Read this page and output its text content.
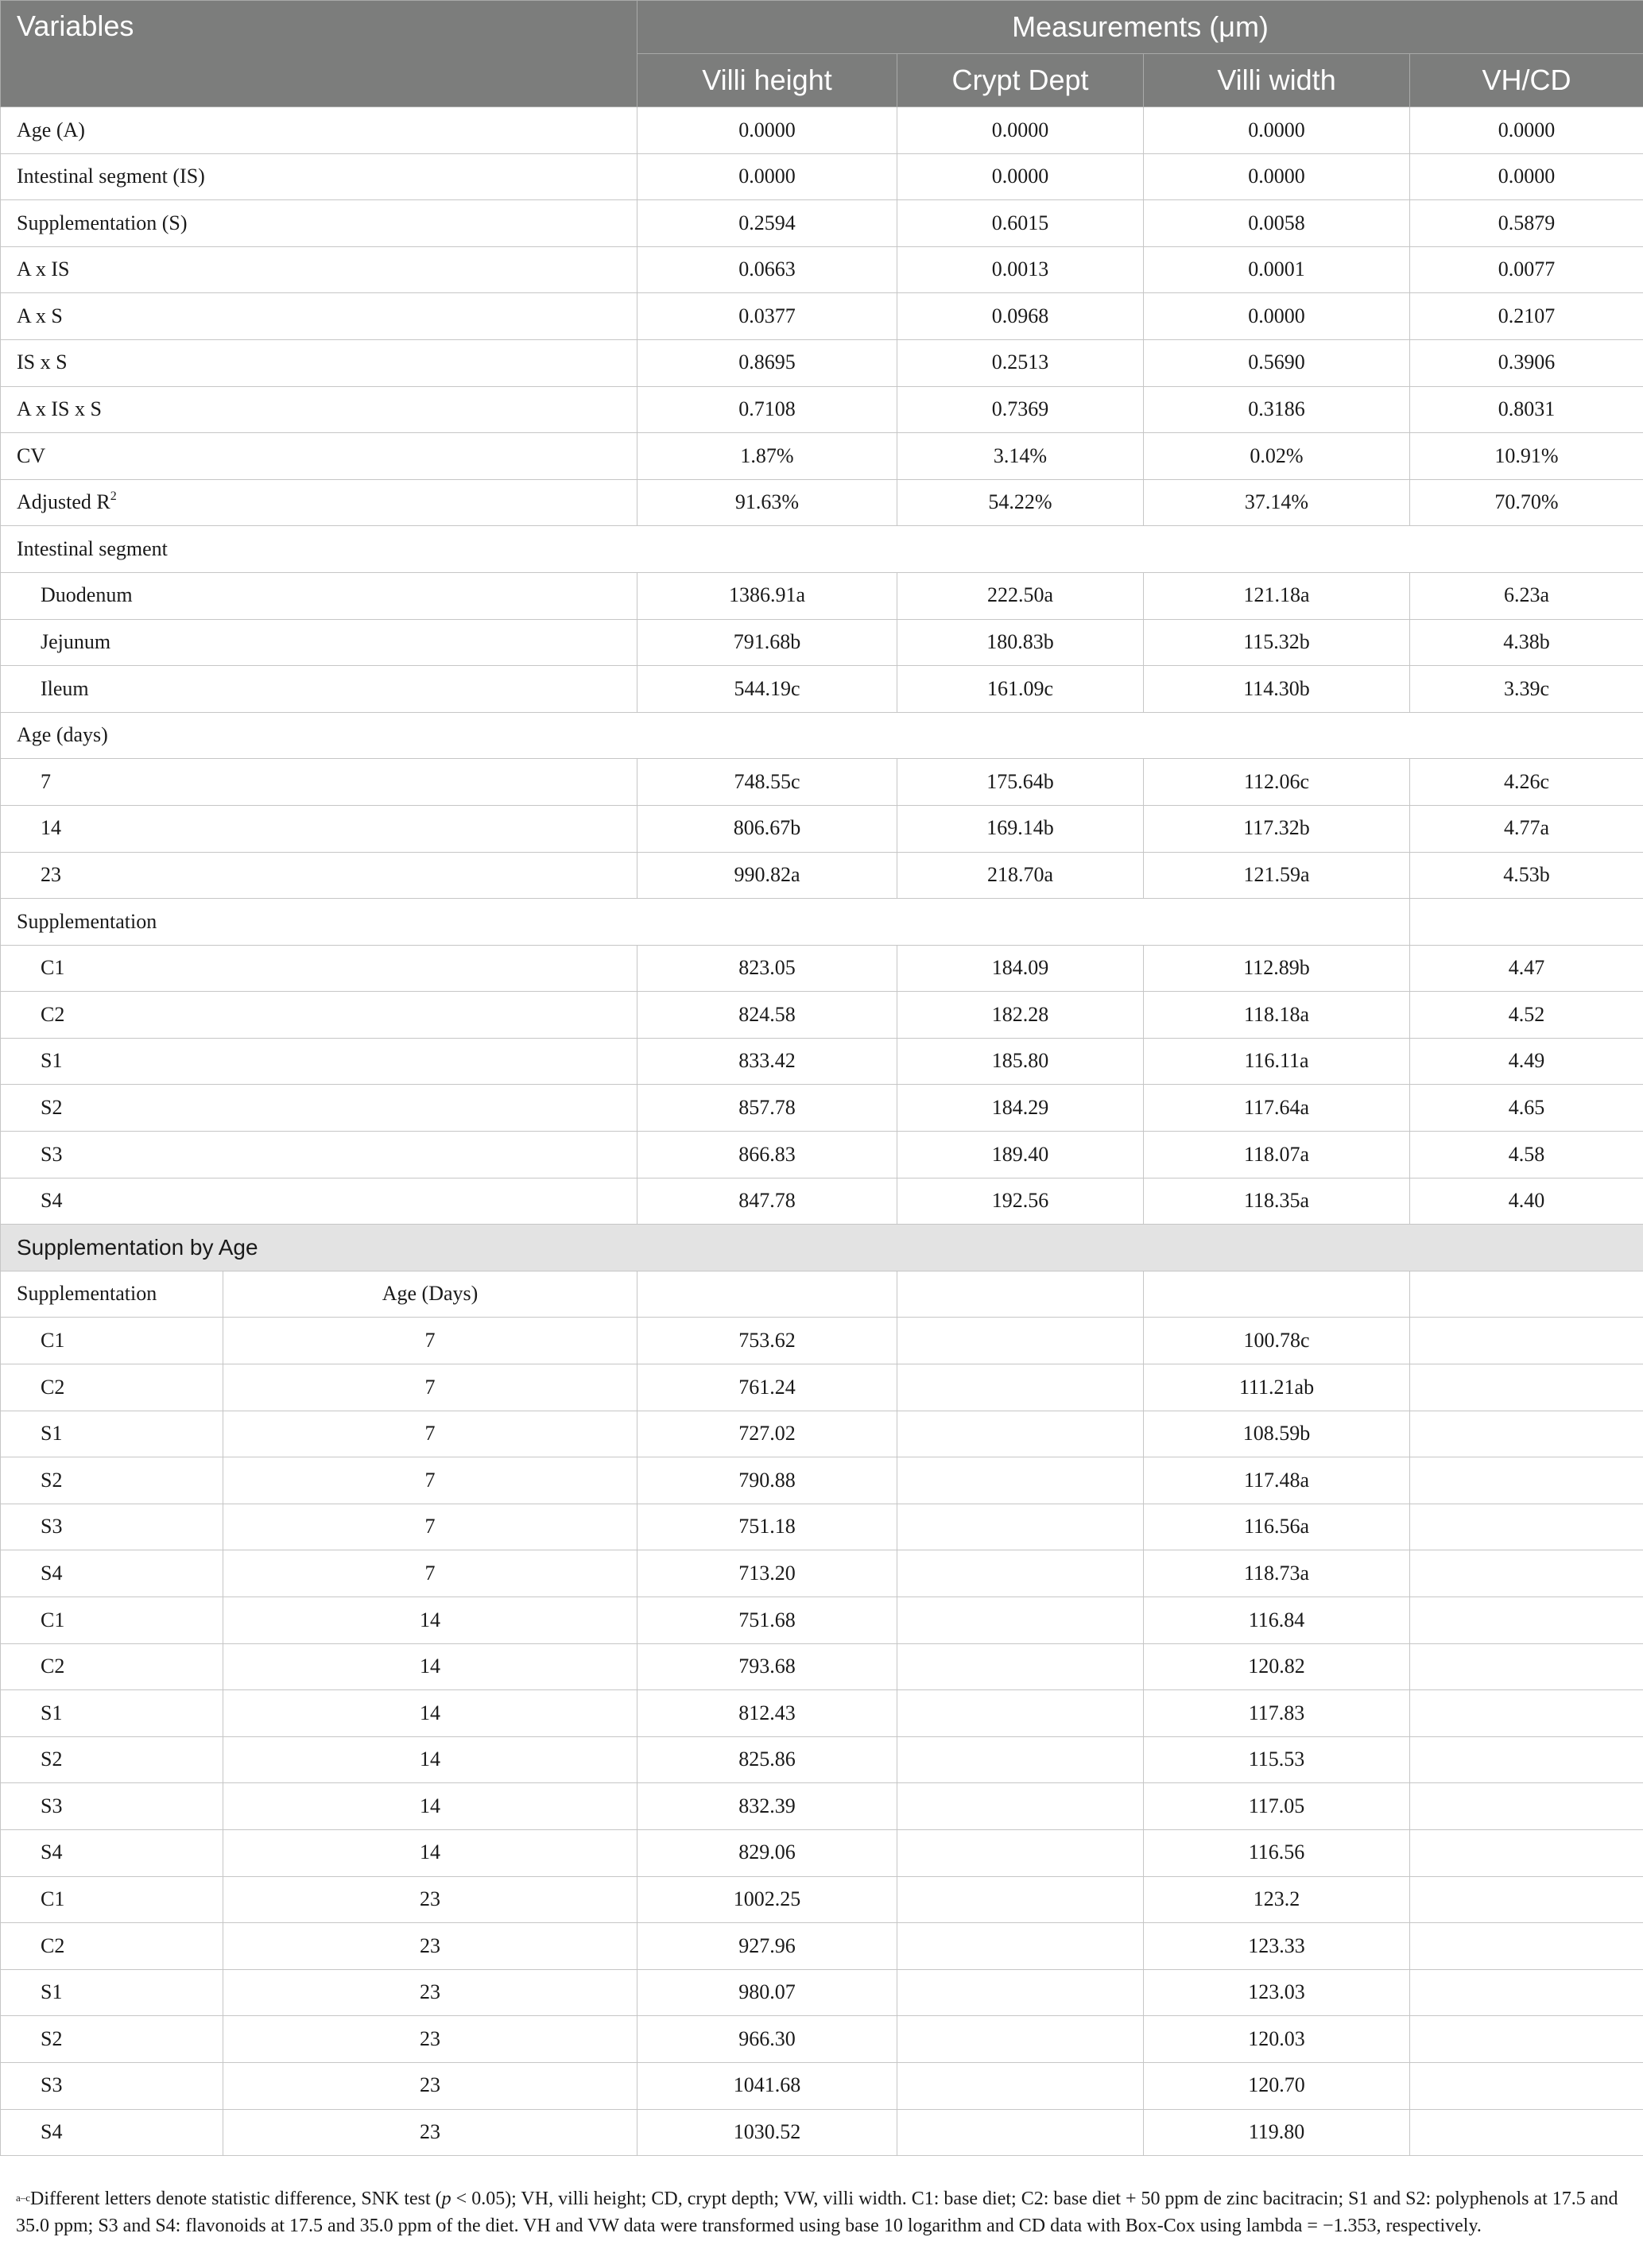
Variables		Measurements (μm)			
		Villi height	Crypt Dept	Villi width	VH/CD
Age (A)		0.0000	0.0000	0.0000	0.0000
Intestinal segment (IS)		0.0000	0.0000	0.0000	0.0000
Supplementation (S)		0.2594	0.6015	0.0058	0.5879
A x IS		0.0663	0.0013	0.0001	0.0077
A x S		0.0377	0.0968	0.0000	0.2107
IS x S		0.8695	0.2513	0.5690	0.3906
A x IS x S		0.7108	0.7369	0.3186	0.8031
CV		1.87%	3.14%	0.02%	10.91%
Adjusted $R^2$		91.63%	54.22%	37.14%	70.70%
Intestinal segment					
Duodenum		1386.91a	222.50a	121.18a	6.23a
Jejunum		791.68b	180.83b	115.32b	4.38b
Ileum		544.19c	161.09c	114.30b	3.39c
Age (days)					
7		748.55c	175.64b	112.06c	4.26c
14		806.67b	169.14b	117.32b	4.77a
23		990.82a	218.70a	121.59a	4.53b
Supplementation					
C1		823.05	184.09	112.89b	4.47
C2		824.58	182.28	118.18a	4.52
S1		833.42	185.80	116.11a	4.49
S2		857.78	184.29	117.64a	4.65
S3		866.83	189.40	118.07a	4.58
S4		847.78	192.56	118.35a	4.40
Supplementation by Age					
Supplementation	Age (Days)				
C1	7	753.62		100.78c	
C2	7	761.24		111.21ab	
S1	7	727.02		108.59b	
S2	7	790.88		117.48a	
S3	7	751.18		116.56a	
S4	7	713.20		118.73a	
C1	14	751.68		116.84	
C2	14	793.68		120.82	
S1	14	812.43		117.83	
S2	14	825.86		115.53	
S3	14	832.39		117.05	
S4	14	829.06		116.56	
C1	23	1002.25		123.2	
C2	23	927.96		123.33	
S1	23	980.07		123.03	
S2	23	966.30		120.03	
S3	23	1041.68		120.70	
S4	23	1030.52		119.80	
$^{a-c}$Different letters denote statistic difference, SNK test (p < 0.05); VH, villi height; CD, crypt depth; VW, villi width. C1: base diet; C2: base diet + 50 ppm de zinc bacitracin; S1 and S2: polyphenols at 17.5 and 35.0 ppm; S3 and S4: flavonoids at 17.5 and 35.0 ppm of the diet. VH and VW data were transformed using base 10 logarithm and CD data with Box-Cox using lambda = −1.353, respectively.
